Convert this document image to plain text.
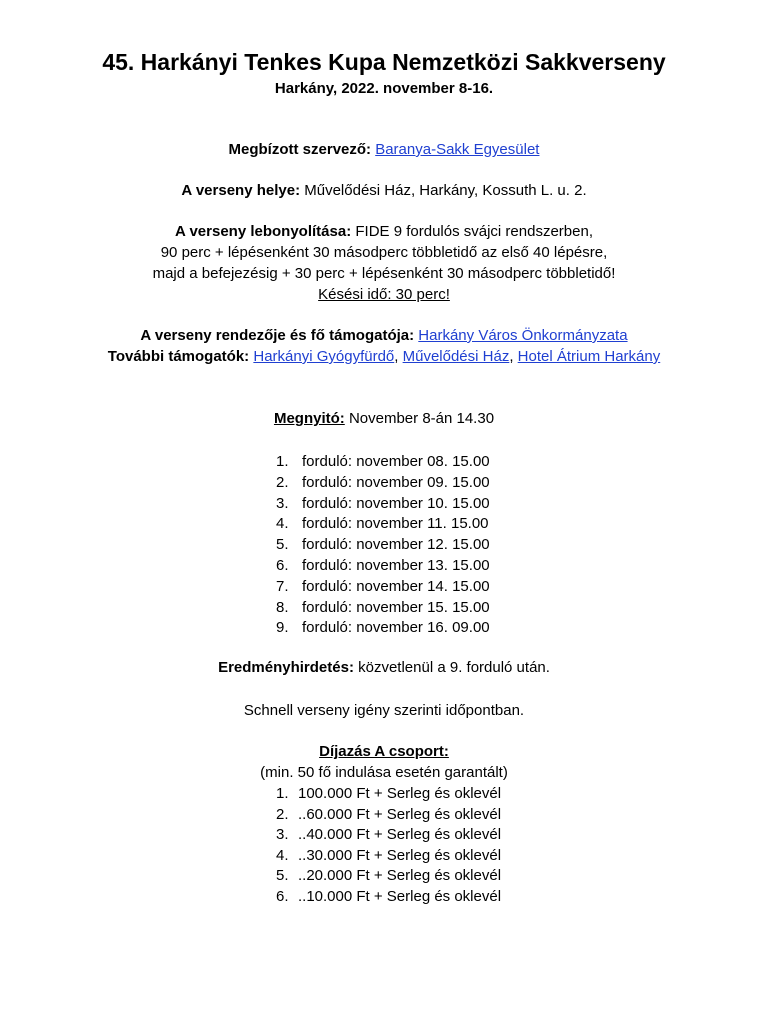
45. Harkányi Tenkes Kupa Nemzetközi Sakkverseny
Harkány, 2022. november 8-16.
Megbízott szervező: Baranya-Sakk Egyesület
A verseny helye: Művelődési Ház, Harkány, Kossuth L. u. 2.
A verseny lebonyolítása: FIDE 9 fordulós svájci rendszerben,
90 perc + lépésenként 30 másodperc többletidő az első 40 lépésre,
majd a befejezésig + 30 perc + lépésenként 30 másodperc többletidő!
Késési idő: 30 perc!
A verseny rendezője és fő támogatója: Harkány Város Önkormányzata
További támogatók: Harkányi Gyógyfürdő, Művelődési Ház, Hotel Átrium Harkány
Megnyitó: November 8-án 14.30
1. forduló: november 08. 15.00
2. forduló: november 09. 15.00
3. forduló: november 10. 15.00
4. forduló: november 11. 15.00
5. forduló: november 12. 15.00
6. forduló: november 13. 15.00
7. forduló: november 14. 15.00
8. forduló: november 15. 15.00
9. forduló: november 16. 09.00
Eredményhirdetés: közvetlenül a 9. forduló után.
Schnell verseny igény szerinti időpontban.
Díjazás A csoport:
(min. 50 fő indulása esetén garantált)
1. 100.000 Ft + Serleg és oklevél
2. ..60.000 Ft + Serleg és oklevél
3. ..40.000 Ft + Serleg és oklevél
4. ..30.000 Ft + Serleg és oklevél
5. ..20.000 Ft + Serleg és oklevél
6. ..10.000 Ft + Serleg és oklevél
